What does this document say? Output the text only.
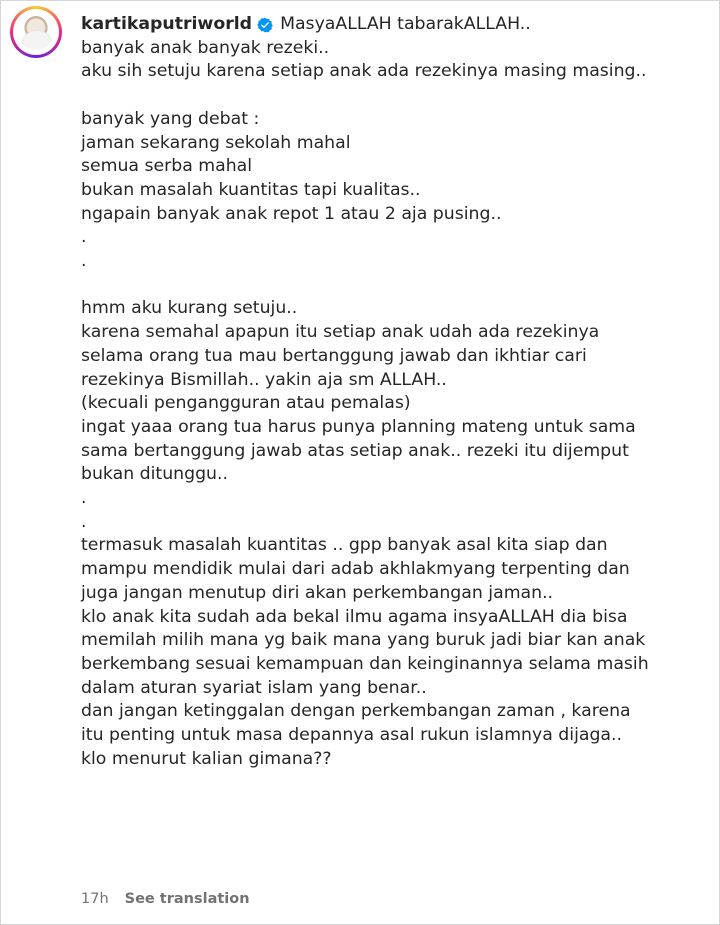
kartikaputriworld MasyaALLAH tabarakALLAH..
banyak anak banyak rezeki..
aku sih setuju karena setiap anak ada rezekinya masing masing..
banyak yang debat :
jaman sekarang sekolah mahal
semua serba mahal
bukan masalah kuantitas tapi kualitas..
ngapain banyak anak repot 1 atau 2 aja pusing..
.
.
hmm aku kurang setuju..
karena semahal apapun itu setiap anak udah ada rezekinya
selama orang tua mau bertanggung jawab dan ikhtiar cari
rezekinya Bismillah.. yakin aja sm ALLAH..
(kecuali pengangguran atau pemalas)
ingat yaaa orang tua harus punya planning mateng untuk sama
sama bertanggung jawab atas setiap anak.. rezeki itu dijemput
bukan ditunggu..
.
.
termasuk masalah kuantitas .. gpp banyak asal kita siap dan
mampu mendidik mulai dari adab akhlakmyang terpenting dan
juga jangan menutup diri akan perkembangan jaman..
klo anak kita sudah ada bekal ilmu agama insyaALLAH dia bisa
memilah milih mana yg baik mana yang buruk jadi biar kan anak
berkembang sesuai kemampuan dan keinginannya selama masih
dalam aturan syariat islam yang benar..
dan jangan ketinggalan dengan perkembangan zaman , karena
itu penting untuk masa depannya asal rukun islamnya dijaga..
klo menurut kalian gimana??
17h See translation
